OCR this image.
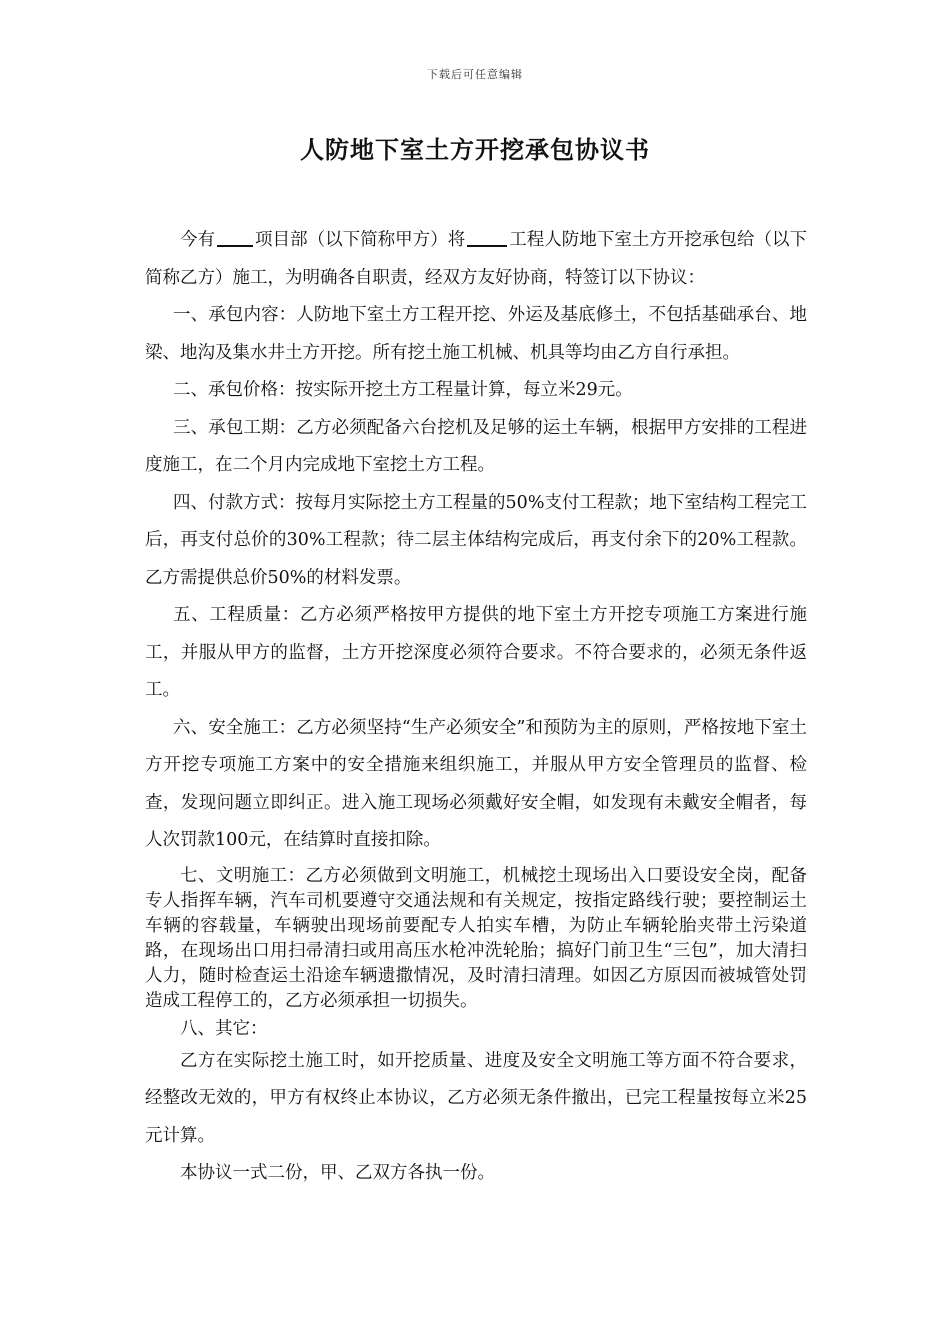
下载后可任意编辑
人防地下室土方开挖承包协议书

今有 项目部（以下简称甲方）将	工程人防地下室土方开挖承包给（以下简称乙方）施工，为明确各自职责，经双方友好协商，特签订以下协议：

一、承包内容：人防地下室土方工程开挖、外运及基底修土，不包括基础承台、地梁、地沟及集水井土方开挖。所有挖土施工机械、机具等均由乙方自行承担。

二、承包价格：按实际开挖土方工程量计算，每立米29元。

三、承包工期：乙方必须配备六台挖机及足够的运土车辆，根据甲方安排的工程进度施工，在二个月内完成地下室挖土方工程。

四、付款方式：按每月实际挖土方工程量的50%支付工程款；地下室结构工程完工后，再支付总价的30%工程款；待二层主体结构完成后，再支付余下的20%工程款。乙方需提供总价50%的材料发票。

五、工程质量：乙方必须严格按甲方提供的地下室土方开挖专项施工方案进行施工，并服从甲方的监督，土方开挖深度必须符合要求。不符合要求的，必须无条件返工。

六、安全施工：乙方必须坚持“生产必须安全”和预防为主的原则，严格按地下室土方开挖专项施工方案中的安全措施来组织施工，并服从甲方安全管理员的监督、检查，发现问题立即纠正。进入施工现场必须戴好安全帽，如发现有未戴安全帽者，每人次罚款100元，在结算时直接扣除。

七、文明施工：乙方必须做到文明施工，机械挖土现场出入口要设安全岗，配备专人指挥车辆，汽车司机要遵守交通法规和有关规定，按指定路线行驶；要控制运土车辆的容载量，车辆驶出现场前要配专人拍实车槽，为防止车辆轮胎夹带土污染道路，在现场出口用扫帚清扫或用高压水枪冲洗轮胎；搞好门前卫生“三包”，加大清扫人力，随时检查运土沿途车辆遗撒情况，及时清扫清理。如因乙方原因而被城管处罚造成工程停工的，乙方必须承担一切损失。

八、其它：

乙方在实际挖土施工时，如开挖质量、进度及安全文明施工等方面不符合要求，经整改无效的，甲方有权终止本协议，乙方必须无条件撤出，已完工程量按每立米25元计算。

本协议一式二份，甲、乙双方各执一份。
